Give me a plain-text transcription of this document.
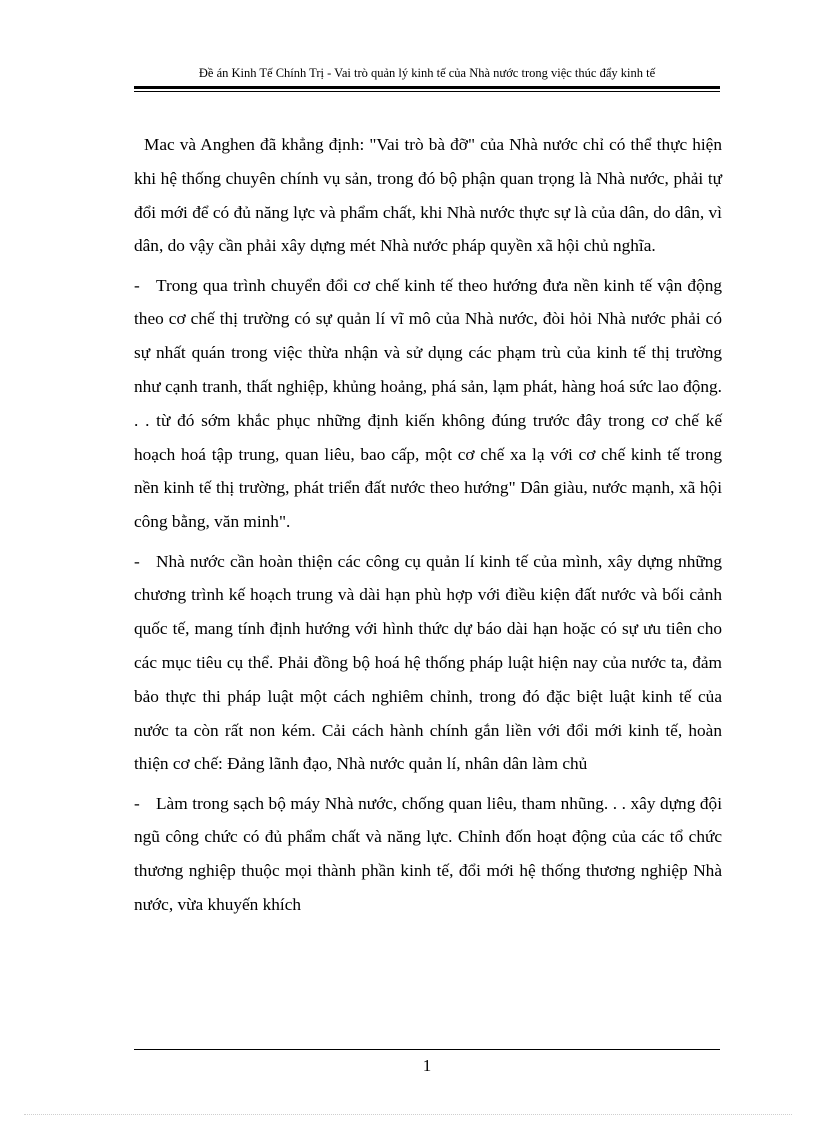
Đề án Kinh Tế Chính Trị - Vai trò quản lý kinh tế của Nhà nước trong việc thúc đẩy kinh tế

Mac và Anghen đã khẳng định: "Vai trò bà đỡ" của Nhà nước chỉ có thể thực hiện khi hệ thống chuyên chính vụ sản, trong đó bộ phận quan trọng là Nhà nước, phải tự đổi mới để có đủ năng lực và phẩm chất, khi Nhà nước thực sự là của dân, do dân, vì dân, do vậy cần phải xây dựng mét Nhà nước pháp quyền xã hội chủ nghĩa.

- Trong qua trình chuyển đổi cơ chế kinh tế theo hướng đưa nền kinh tế vận động theo cơ chế thị trường có sự quản lí vĩ mô của Nhà nước, đòi hỏi Nhà nước phải có sự nhất quán trong việc thừa nhận và sử dụng các phạm trù của kinh tế thị trường như cạnh tranh, thất nghiệp, khủng hoảng, phá sản, lạm phát, hàng hoá sức lao động. . . từ đó sớm khắc phục những định kiến không đúng trước đây trong cơ chế kế hoạch hoá tập trung, quan liêu, bao cấp, một cơ chế xa lạ với cơ chế kinh tế trong nền kinh tế thị trường, phát triển đất nước theo hướng" Dân giàu, nước mạnh, xã hội công bằng, văn minh".

- Nhà nước cần hoàn thiện các công cụ quản lí kinh tế của mình, xây dựng những chương trình kế hoạch trung và dài hạn phù hợp với điều kiện đất nước và bối cảnh quốc tế, mang tính định hướng với hình thức dự báo dài hạn hoặc có sự ưu tiên cho các mục tiêu cụ thể. Phải đồng bộ hoá hệ thống pháp luật hiện nay của nước ta, đảm bảo thực thi pháp luật một cách nghiêm chỉnh, trong đó đặc biệt luật kinh tế của nước ta còn rất non kém. Cải cách hành chính gắn liền với đổi mới kinh tế, hoàn thiện cơ chế: Đảng lãnh đạo, Nhà nước quản lí, nhân dân làm chủ

- Làm trong sạch bộ máy Nhà nước, chống quan liêu, tham nhũng. . . xây dựng đội ngũ công chức có đủ phẩm chất và năng lực. Chỉnh đốn hoạt động của các tổ chức thương nghiệp thuộc mọi thành phần kinh tế, đổi mới hệ thống thương nghiệp Nhà nước, vừa khuyến khích

1
